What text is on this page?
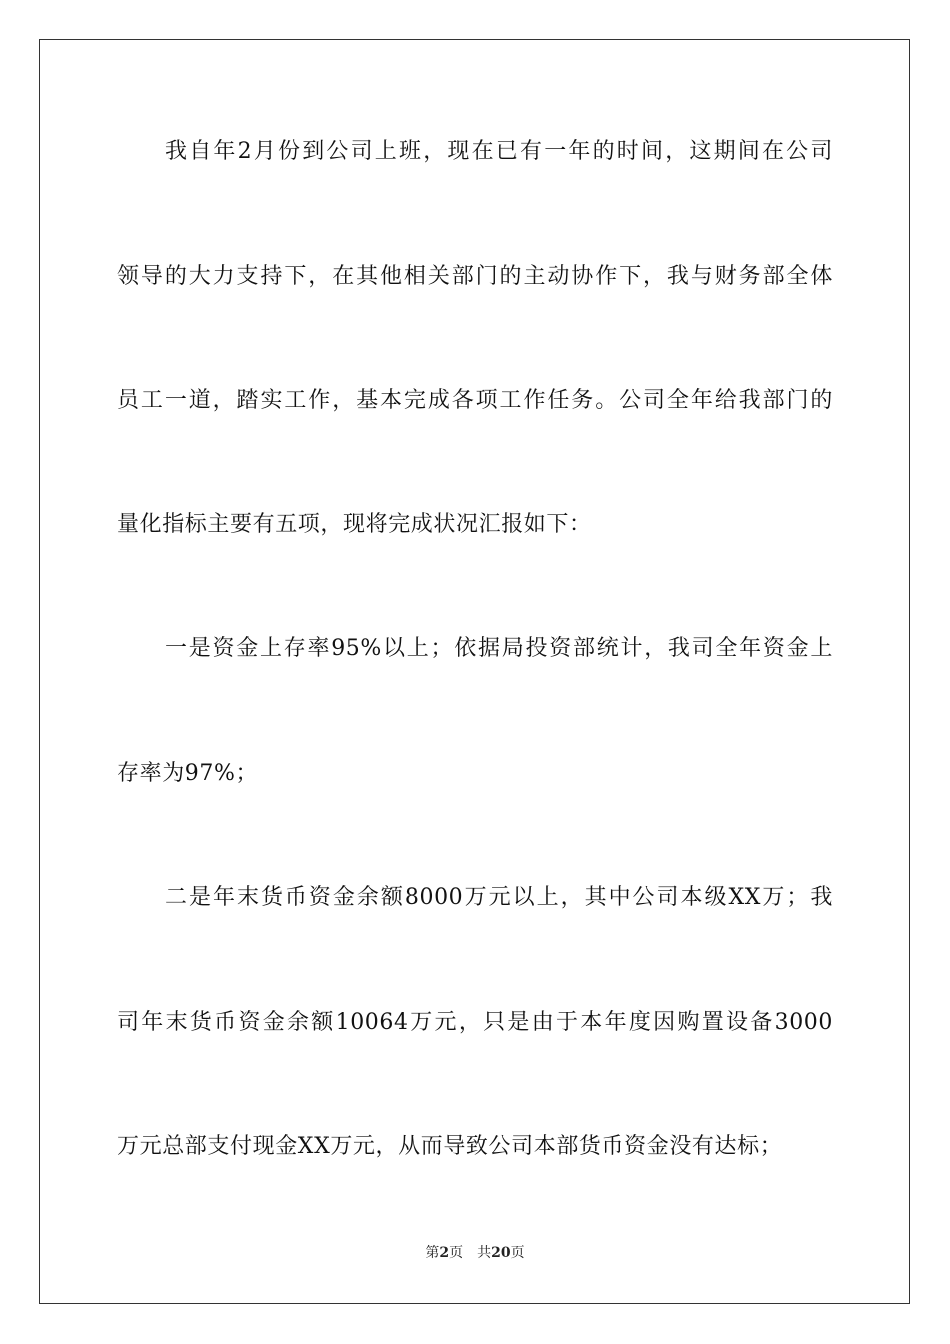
我自年2月份到公司上班，现在已有一年的时间，这期间在公司
领导的大力支持下，在其他相关部门的主动协作下，我与财务部全体
员工一道，踏实工作，基本完成各项工作任务。公司全年给我部门的
量化指标主要有五项，现将完成状况汇报如下：
一是资金上存率95%以上；依据局投资部统计，我司全年资金上
存率为97%；
二是年末货币资金余额8000万元以上，其中公司本级XX万；我
司年末货币资金余额10064万元，只是由于本年度因购置设备3000
万元总部支付现金XX万元，从而导致公司本部货币资金没有达标；
第2页 共20页
